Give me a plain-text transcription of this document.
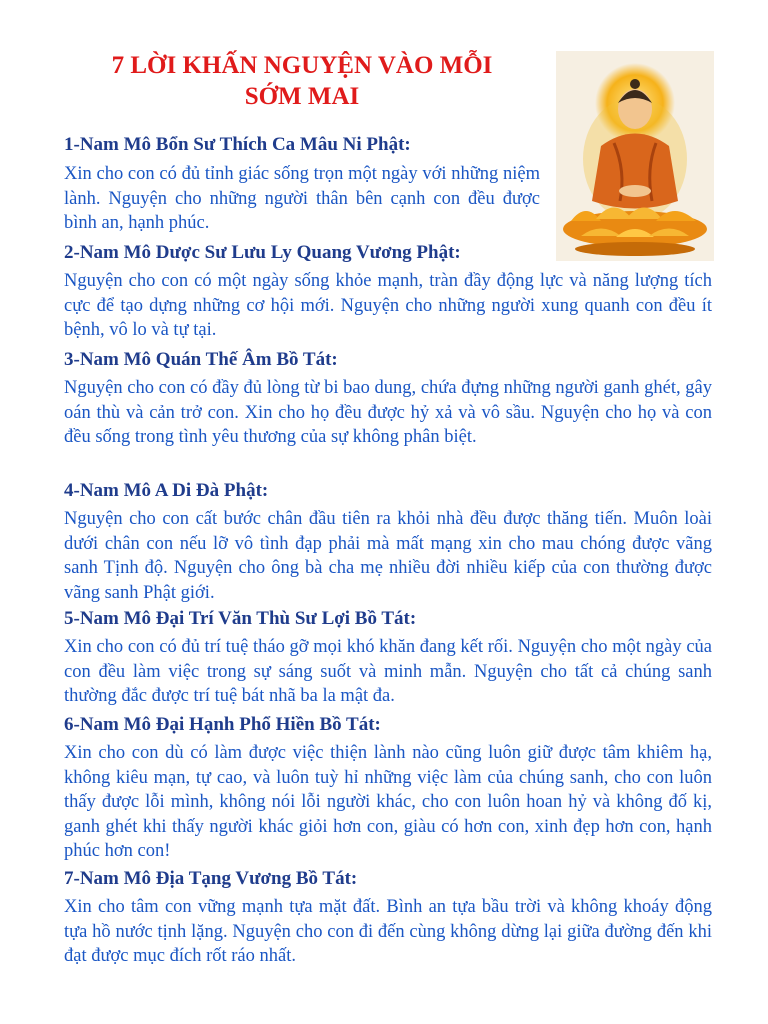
7 LỜI KHẤN NGUYỆN VÀO MỖI
SỚM MAI
1-Nam Mô Bổn Sư Thích Ca Mâu Ni Phật:

Xin cho con có đủ tỉnh giác sống trọn một ngày với những niệm lành. Nguyện cho những người thân bên cạnh con đều được bình an, hạnh phúc.

2-Nam Mô Dược Sư Lưu Ly Quang Vương Phật:

Nguyện cho con có một ngày sống khỏe mạnh, tràn đầy động lực và năng lượng tích cực để tạo dựng những cơ hội mới. Nguyện cho những người xung quanh con đều ít bệnh, vô lo và tự tại.

3-Nam Mô Quán Thế Âm Bồ Tát:

Nguyện cho con có đầy đủ lòng từ bi bao dung, chứa đựng những người ganh ghét, gây oán thù và cản trở con. Xin cho họ đều được hỷ xả và vô sầu. Nguyện cho họ và con đều sống trong tình yêu thương của sự không phân biệt.

4-Nam Mô A Di Đà Phật:

Nguyện cho con cất bước chân đầu tiên ra khỏi nhà đều được thăng tiến. Muôn loài dưới chân con nếu lỡ vô tình đạp phải mà mất mạng xin cho mau chóng được vãng sanh Tịnh độ. Nguyện cho ông bà cha mẹ nhiều đời nhiều kiếp của con thường được vãng sanh Phật giới.

5-Nam Mô Đại Trí Văn Thù Sư Lợi Bồ Tát:

Xin cho con có đủ trí tuệ tháo gỡ mọi khó khăn đang kết rối. Nguyện cho một ngày của con đều làm việc trong sự sáng suốt và minh mẫn. Nguyện cho tất cả chúng sanh thường đắc được trí tuệ bát nhã ba la mật đa.

6-Nam Mô Đại Hạnh Phổ Hiền Bồ Tát:

Xin cho con dù có làm được việc thiện lành nào cũng luôn giữ được tâm khiêm hạ, không kiêu mạn, tự cao, và luôn tuỳ hỉ những việc làm của chúng sanh, cho con luôn thấy được lỗi mình, không nói lỗi người khác, cho con luôn hoan hỷ và không đố kị, ganh ghét khi thấy người khác giỏi hơn con, giàu có hơn con, xinh đẹp hơn con, hạnh phúc hơn con!

7-Nam Mô Địa Tạng Vương Bồ Tát:

Xin cho tâm con vững mạnh tựa mặt đất. Bình an tựa bầu trời và không khoáy động tựa hồ nước tịnh lặng. Nguyện cho con đi đến cùng không dừng lại giữa đường đến khi đạt được mục đích rốt ráo nhất.
